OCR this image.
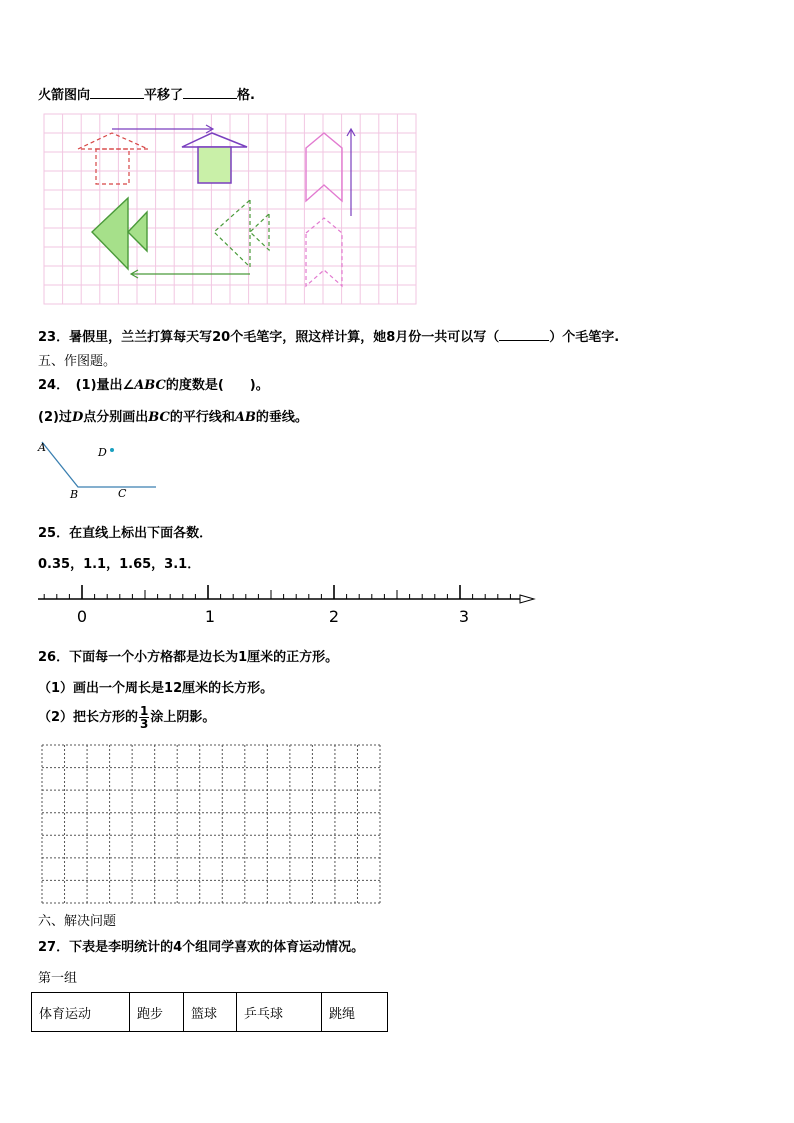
火箭图向	平移了	格.
23．暑假里，兰兰打算每天写20个毛笔字，照这样计算，她8月份一共可以写（	）个毛笔字.
五、作图题。
24．　(1)量出∠ABC的度数是(　　)。
(2)过D点分别画出BC的平行线和AB的垂线。
A
B	C
D
25．在直线上标出下面各数．
0.35，1.1，1.65，3.1．
0	1	2	3
26．下面每一个小方格都是边长为1厘米的正方形。
（1）画出一个周长是12厘米的长方形。
（2）把长方形的 $\frac{1}{3}$ 涂上阴影。
六、解决问题
27．下表是李明统计的4个组同学喜欢的体育运动情况。
第一组
体育运动	跑步	篮球	乒乓球	跳绳
